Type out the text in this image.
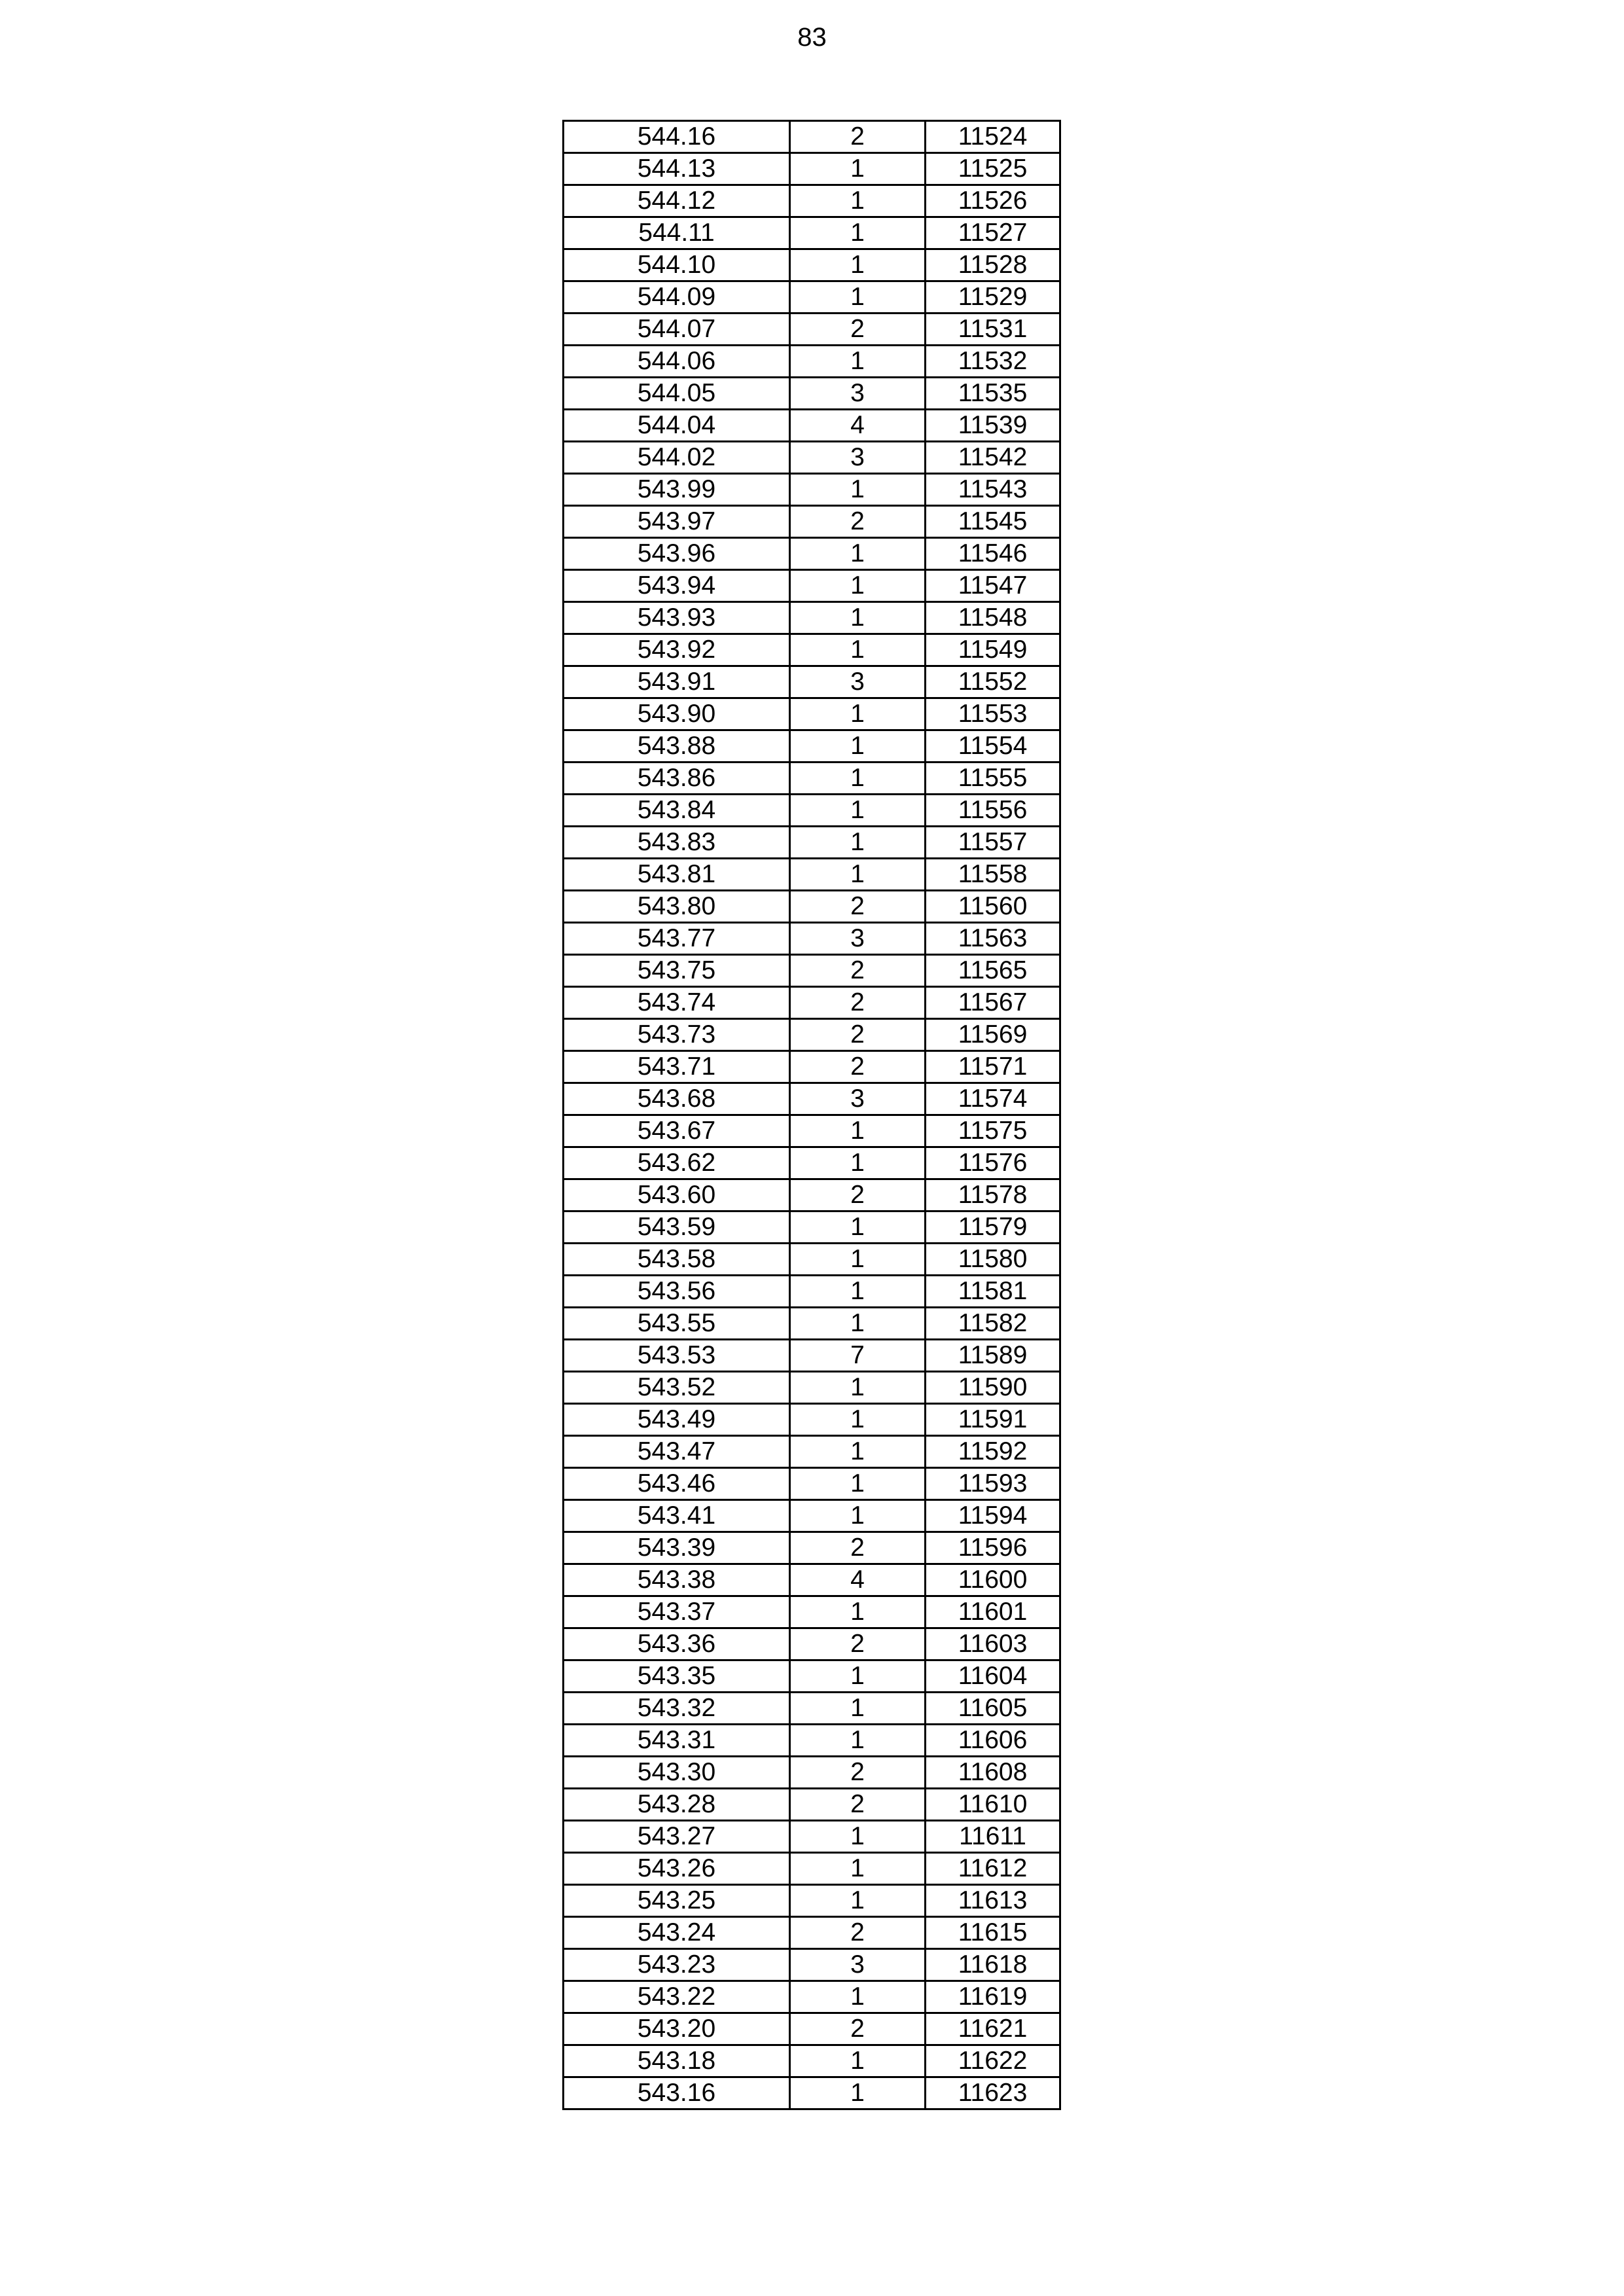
83
544.16	2	11524
544.13	1	11525
544.12	1	11526
544.11	1	11527
544.10	1	11528
544.09	1	11529
544.07	2	11531
544.06	1	11532
544.05	3	11535
544.04	4	11539
544.02	3	11542
543.99	1	11543
543.97	2	11545
543.96	1	11546
543.94	1	11547
543.93	1	11548
543.92	1	11549
543.91	3	11552
543.90	1	11553
543.88	1	11554
543.86	1	11555
543.84	1	11556
543.83	1	11557
543.81	1	11558
543.80	2	11560
543.77	3	11563
543.75	2	11565
543.74	2	11567
543.73	2	11569
543.71	2	11571
543.68	3	11574
543.67	1	11575
543.62	1	11576
543.60	2	11578
543.59	1	11579
543.58	1	11580
543.56	1	11581
543.55	1	11582
543.53	7	11589
543.52	1	11590
543.49	1	11591
543.47	1	11592
543.46	1	11593
543.41	1	11594
543.39	2	11596
543.38	4	11600
543.37	1	11601
543.36	2	11603
543.35	1	11604
543.32	1	11605
543.31	1	11606
543.30	2	11608
543.28	2	11610
543.27	1	11611
543.26	1	11612
543.25	1	11613
543.24	2	11615
543.23	3	11618
543.22	1	11619
543.20	2	11621
543.18	1	11622
543.16	1	11623
